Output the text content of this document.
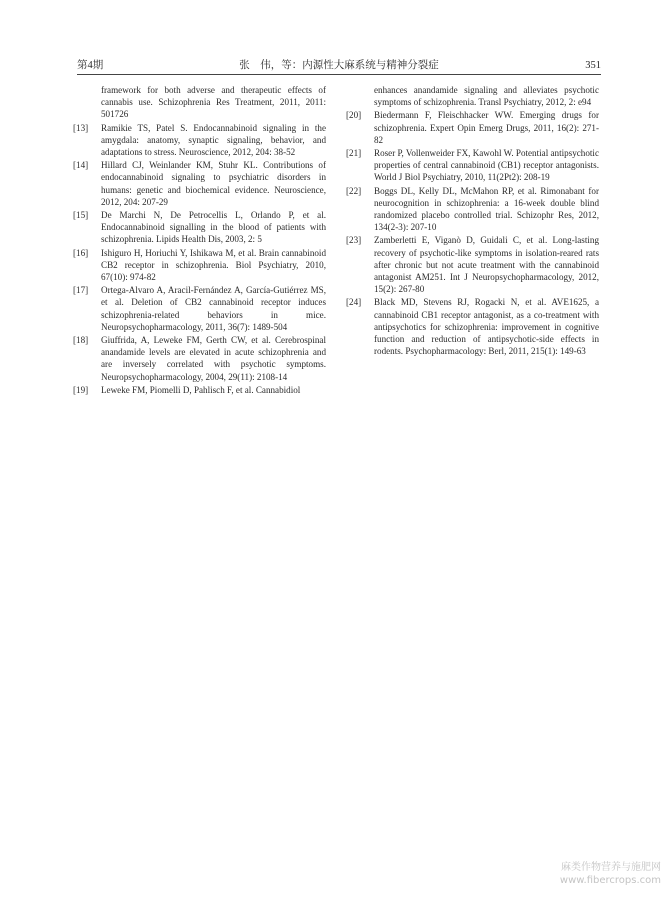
第4期	张　伟，等：内源性大麻系统与精神分裂症	351
framework for both adverse and therapeutic effects of cannabis use. Schizophrenia Res Treatment, 2011, 2011: 501726
[13] Ramikie TS, Patel S. Endocannabinoid signaling in the amygdala: anatomy, synaptic signaling, behavior, and adaptations to stress. Neuroscience, 2012, 204: 38-52
[14] Hillard CJ, Weinlander KM, Stuhr KL. Contributions of endocannabinoid signaling to psychiatric disorders in humans: genetic and biochemical evidence. Neuroscience, 2012, 204: 207-29
[15] De Marchi N, De Petrocellis L, Orlando P, et al. Endocannabinoid signalling in the blood of patients with schizophrenia. Lipids Health Dis, 2003, 2: 5
[16] Ishiguro H, Horiuchi Y, Ishikawa M, et al. Brain cannabinoid CB2 receptor in schizophrenia. Biol Psychiatry, 2010, 67(10): 974-82
[17] Ortega-Alvaro A, Aracil-Fernández A, García-Gutiérrez MS, et al. Deletion of CB2 cannabinoid receptor induces schizophrenia-related behaviors in mice. Neuropsychopharmacology, 2011, 36(7): 1489-504
[18] Giuffrida, A, Leweke FM, Gerth CW, et al. Cerebrospinal anandamide levels are elevated in acute schizophrenia and are inversely correlated with psychotic symptoms. Neuropsychopharmacology, 2004, 29(11): 2108-14
[19] Leweke FM, Piomelli D, Pahlisch F, et al. Cannabidiol
enhances anandamide signaling and alleviates psychotic symptoms of schizophrenia. Transl Psychiatry, 2012, 2: e94
[20] Biedermann F, Fleischhacker WW. Emerging drugs for schizophrenia. Expert Opin Emerg Drugs, 2011, 16(2): 271-82
[21] Roser P, Vollenweider FX, Kawohl W. Potential antipsychotic properties of central cannabinoid (CB1) receptor antagonists. World J Biol Psychiatry, 2010, 11(2Pt2): 208-19
[22] Boggs DL, Kelly DL, McMahon RP, et al. Rimonabant for neurocognition in schizophrenia: a 16-week double blind randomized placebo controlled trial. Schizophr Res, 2012, 134(2-3): 207-10
[23] Zamberletti E, Viganò D, Guidali C, et al. Long-lasting recovery of psychotic-like symptoms in isolation-reared rats after chronic but not acute treatment with the cannabinoid antagonist AM251. Int J Neuropsychopharmacology, 2012, 15(2): 267-80
[24] Black MD, Stevens RJ, Rogacki N, et al. AVE1625, a cannabinoid CB1 receptor antagonist, as a co-treatment with antipsychotics for schizophrenia: improvement in cognitive function and reduction of antipsychotic-side effects in rodents. Psychopharmacology: Berl, 2011, 215(1): 149-63
麻类作物营养与施肥网
www.fibercrops.com
